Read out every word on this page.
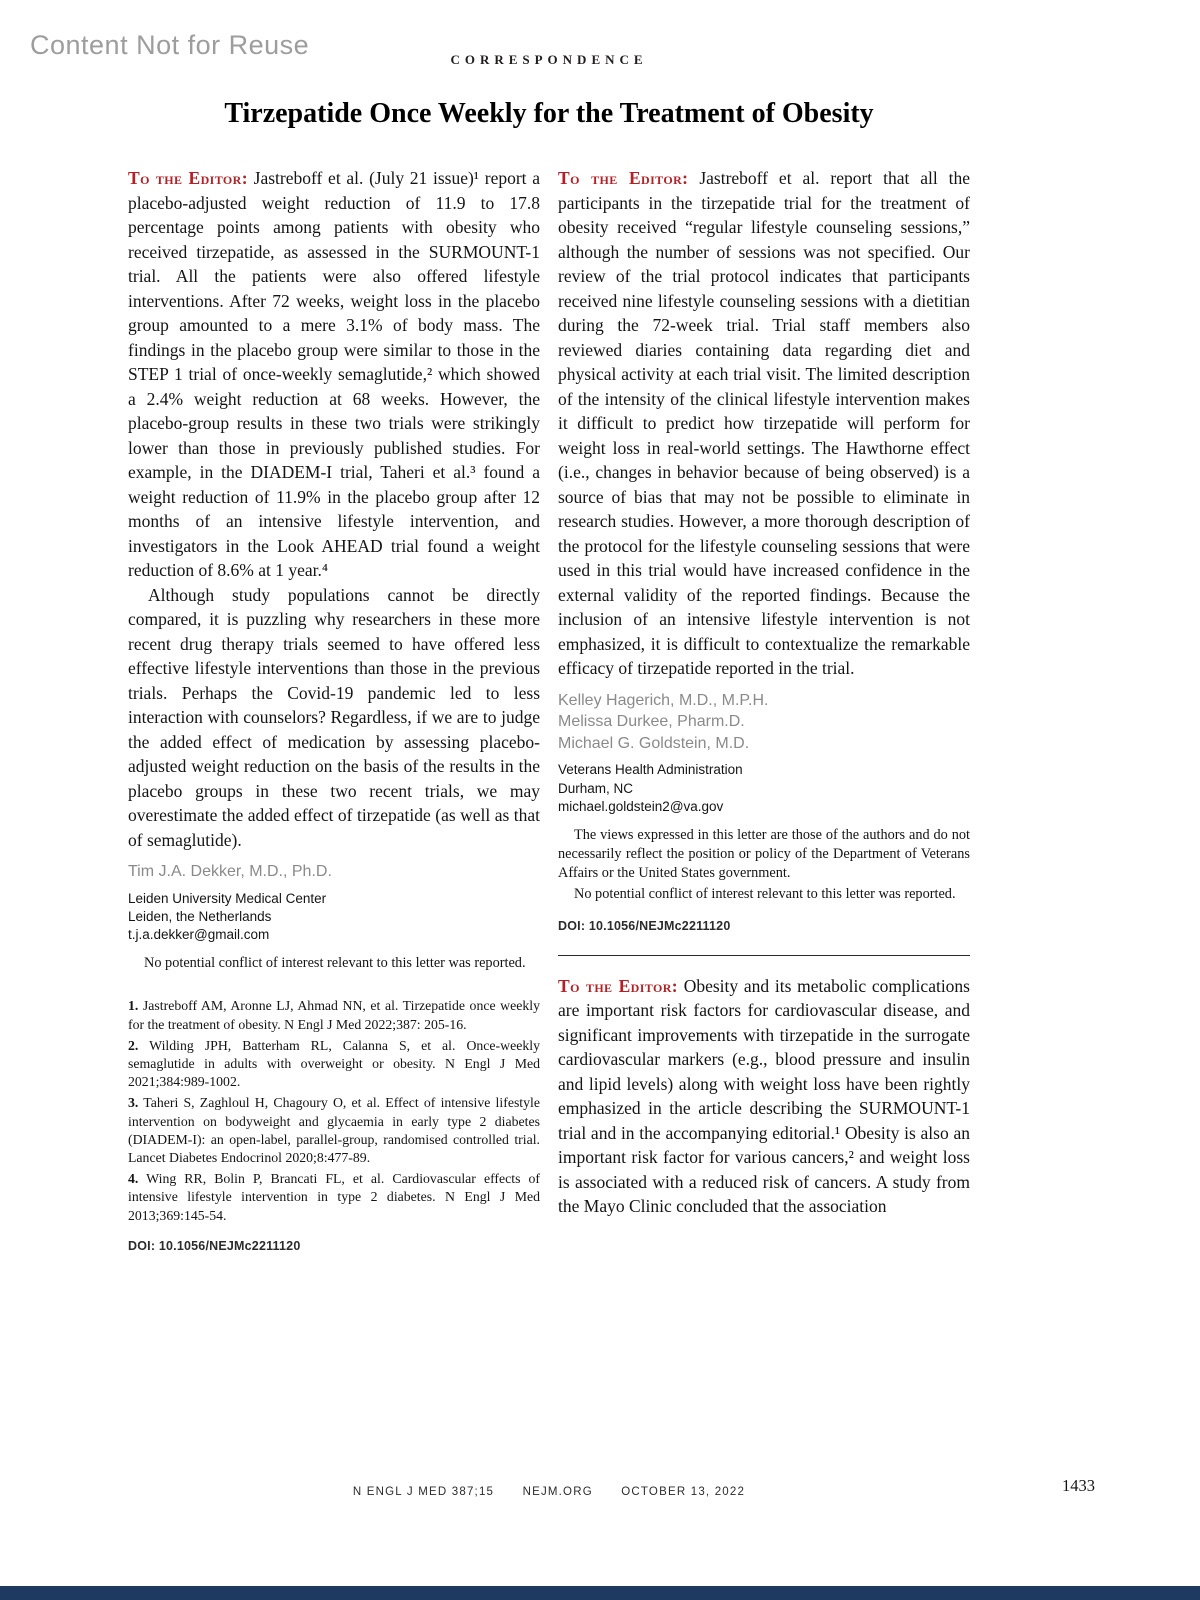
Content Not for Reuse	CORRESPONDENCE
Tirzepatide Once Weekly for the Treatment of Obesity

To the Editor: Jastreboff et al. (July 21 issue)¹ report a placebo-adjusted weight reduction of 11.9 to 17.8 percentage points among patients with obesity who received tirzepatide, as assessed in the SURMOUNT-1 trial. All the patients were also offered lifestyle interventions. After 72 weeks, weight loss in the placebo group amounted to a mere 3.1% of body mass. The findings in the placebo group were similar to those in the STEP 1 trial of once-weekly semaglutide,² which showed a 2.4% weight reduction at 68 weeks. However, the placebo-group results in these two trials were strikingly lower than those in previously published studies. For example, in the DIADEM-I trial, Taheri et al.³ found a weight reduction of 11.9% in the placebo group after 12 months of an intensive lifestyle intervention, and investigators in the Look AHEAD trial found a weight reduction of 8.6% at 1 year.⁴

Although study populations cannot be directly compared, it is puzzling why researchers in these more recent drug therapy trials seemed to have offered less effective lifestyle interventions than those in the previous trials. Perhaps the Covid-19 pandemic led to less interaction with counselors? Regardless, if we are to judge the added effect of medication by assessing placebo-adjusted weight reduction on the basis of the results in the placebo groups in these two recent trials, we may overestimate the added effect of tirzepatide (as well as that of semaglutide).

Tim J.A. Dekker, M.D., Ph.D.
Leiden University Medical Center
Leiden, the Netherlands
t.j.a.dekker@gmail.com

No potential conflict of interest relevant to this letter was reported.

1. Jastreboff AM, Aronne LJ, Ahmad NN, et al. Tirzepatide once weekly for the treatment of obesity. N Engl J Med 2022;387: 205-16.
2. Wilding JPH, Batterham RL, Calanna S, et al. Once-weekly semaglutide in adults with overweight or obesity. N Engl J Med 2021;384:989-1002.
3. Taheri S, Zaghloul H, Chagoury O, et al. Effect of intensive lifestyle intervention on bodyweight and glycaemia in early type 2 diabetes (DIADEM-I): an open-label, parallel-group, randomised controlled trial. Lancet Diabetes Endocrinol 2020;8:477-89.
4. Wing RR, Bolin P, Brancati FL, et al. Cardiovascular effects of intensive lifestyle intervention in type 2 diabetes. N Engl J Med 2013;369:145-54.
DOI: 10.1056/NEJMc2211120

To the Editor: Jastreboff et al. report that all the participants in the tirzepatide trial for the treatment of obesity received “regular lifestyle counseling sessions,” although the number of sessions was not specified. Our review of the trial protocol indicates that participants received nine lifestyle counseling sessions with a dietitian during the 72-week trial. Trial staff members also reviewed diaries containing data regarding diet and physical activity at each trial visit. The limited description of the intensity of the clinical lifestyle intervention makes it difficult to predict how tirzepatide will perform for weight loss in real-world settings. The Hawthorne effect (i.e., changes in behavior because of being observed) is a source of bias that may not be possible to eliminate in research studies. However, a more thorough description of the protocol for the lifestyle counseling sessions that were used in this trial would have increased confidence in the external validity of the reported findings. Because the inclusion of an intensive lifestyle intervention is not emphasized, it is difficult to contextualize the remarkable efficacy of tirzepatide reported in the trial.

Kelley Hagerich, M.D., M.P.H.
Melissa Durkee, Pharm.D.
Michael G. Goldstein, M.D.
Veterans Health Administration
Durham, NC
michael.goldstein2@va.gov

The views expressed in this letter are those of the authors and do not necessarily reflect the position or policy of the Department of Veterans Affairs or the United States government.

No potential conflict of interest relevant to this letter was reported.

DOI: 10.1056/NEJMc2211120

To the Editor: Obesity and its metabolic complications are important risk factors for cardiovascular disease, and significant improvements with tirzepatide in the surrogate cardiovascular markers (e.g., blood pressure and insulin and lipid levels) along with weight loss have been rightly emphasized in the article describing the SURMOUNT-1 trial and in the accompanying editorial.¹ Obesity is also an important risk factor for various cancers,² and weight loss is associated with a reduced risk of cancers. A study from the Mayo Clinic concluded that the association

N ENGL J MED 387;15 NEJM.ORG OCTOBER 13, 2022	1433
